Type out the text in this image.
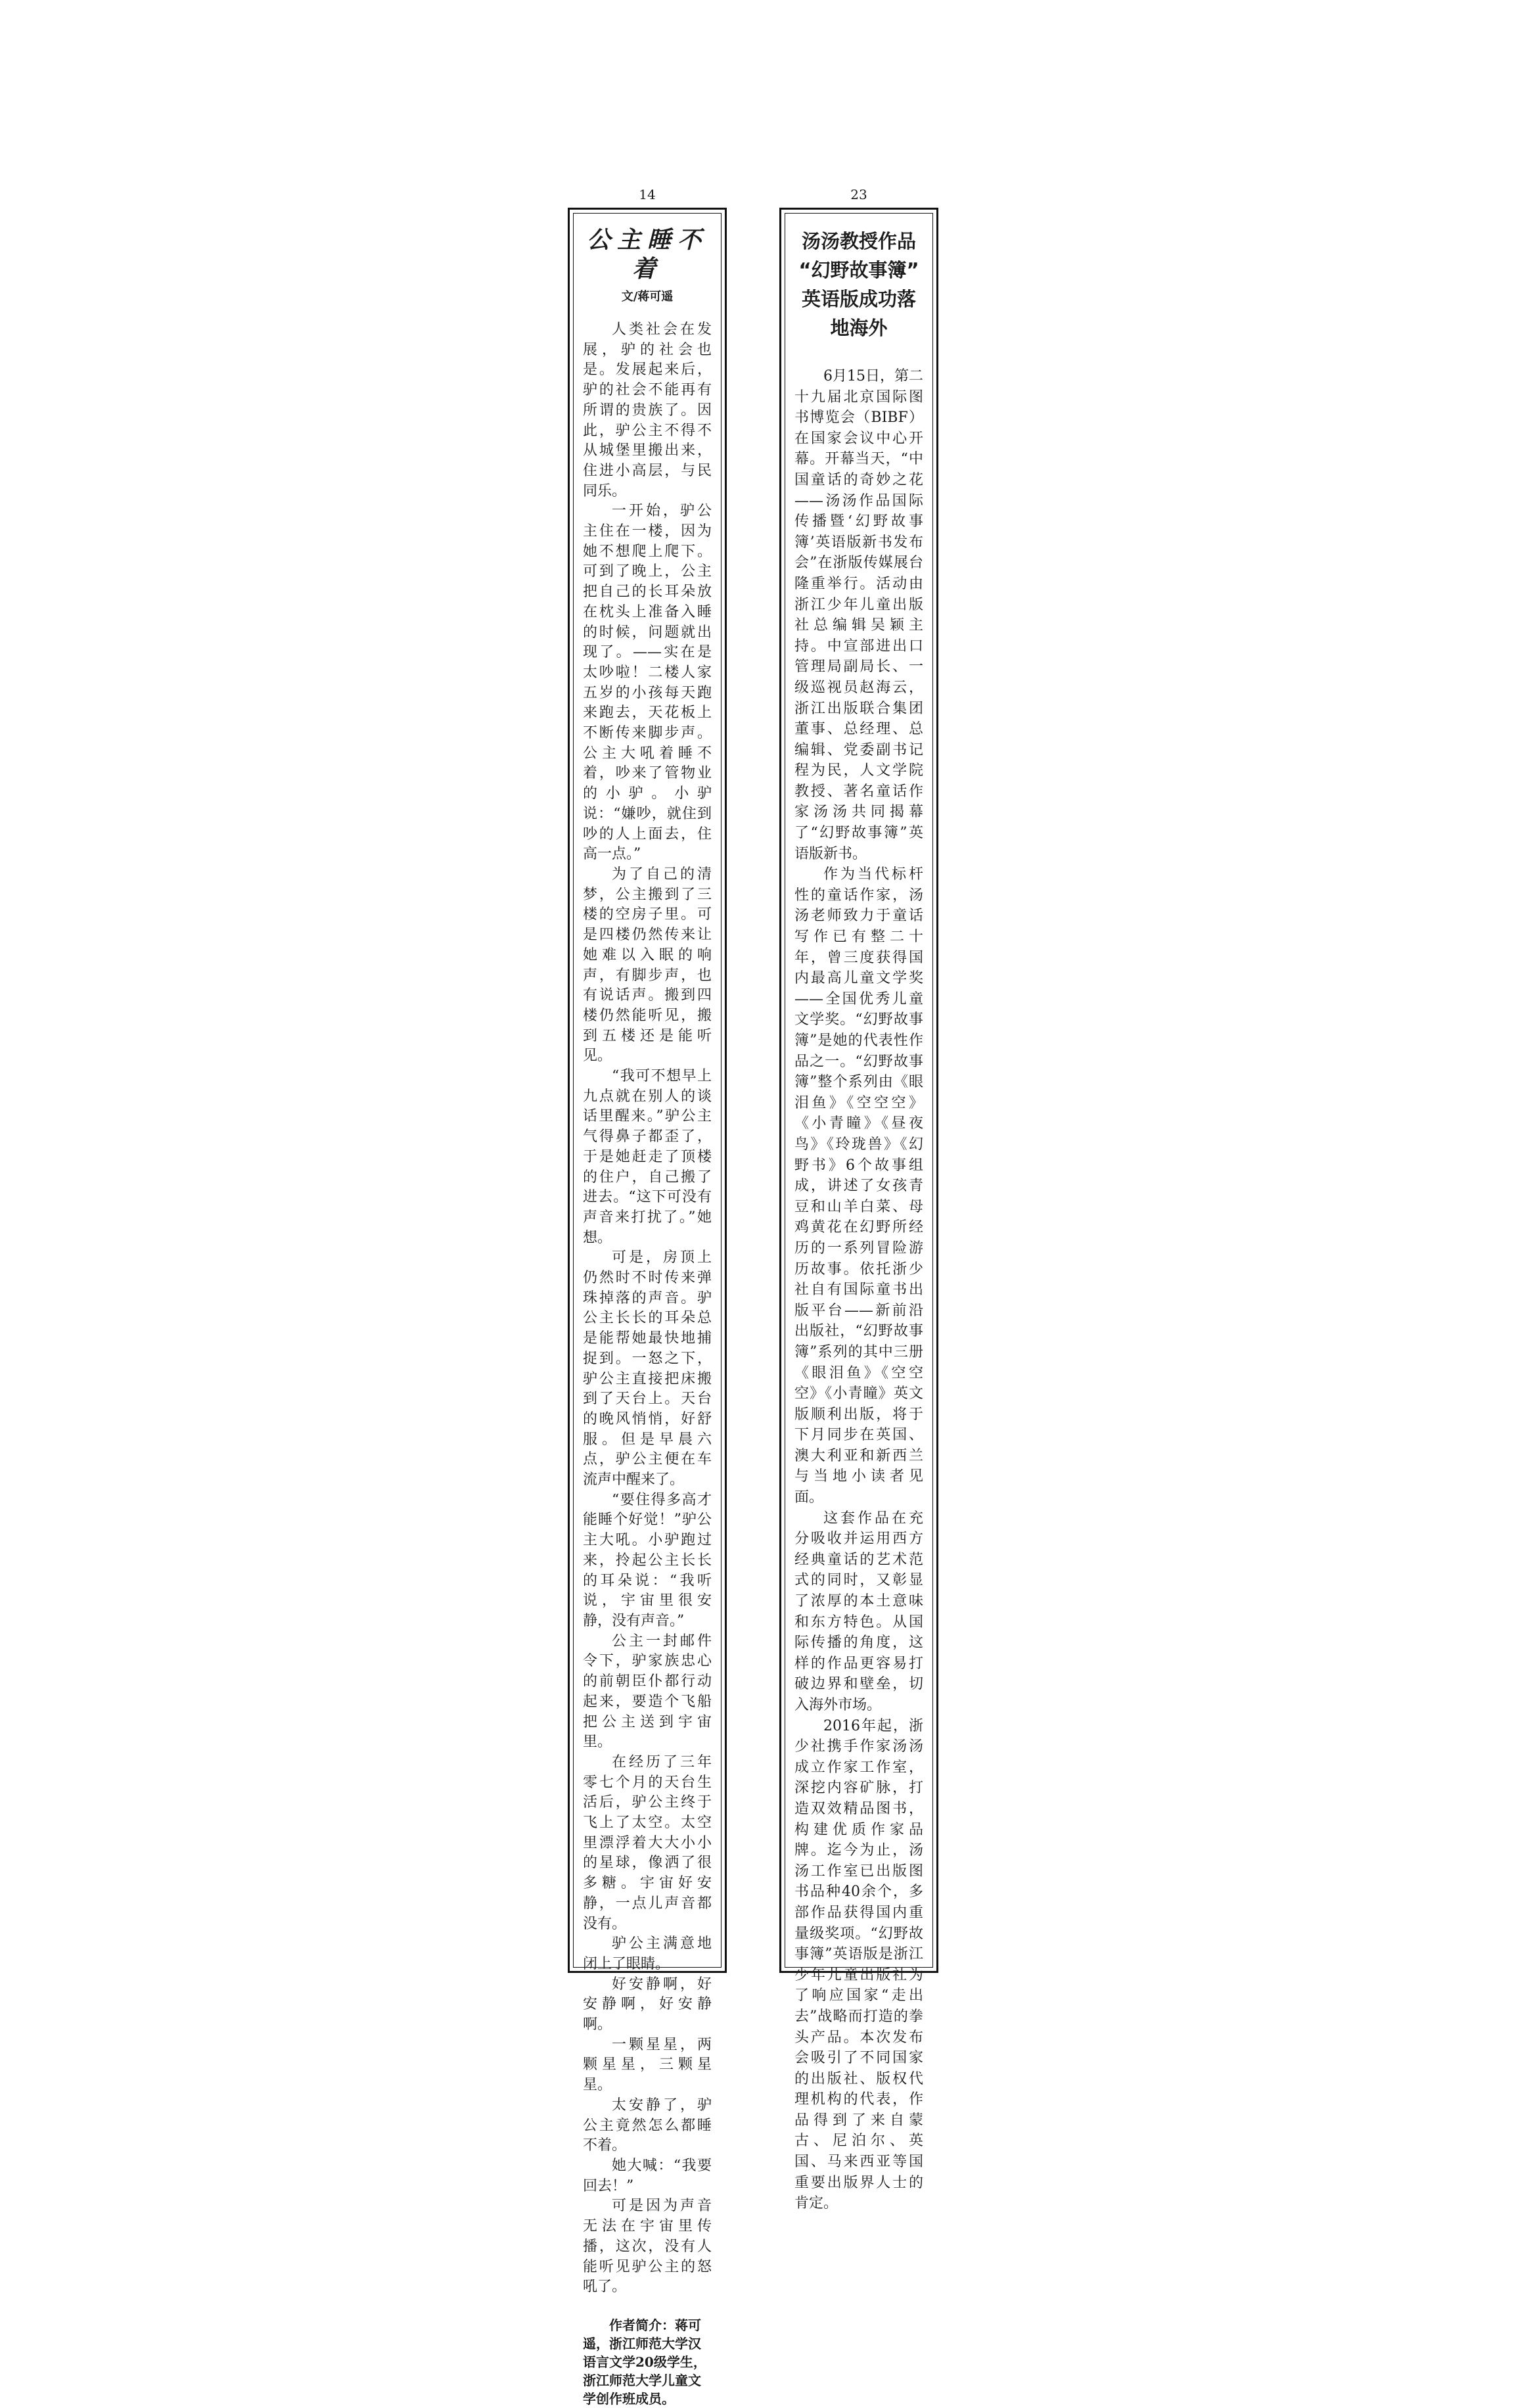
14	23
公主睡不着
文/蒋可遥

人类社会在发展，驴的社会也是。发展起来后，驴的社会不能再有所谓的贵族了。因此，驴公主不得不从城堡里搬出来，住进小高层，与民同乐。

一开始，驴公主住在一楼，因为她不想爬上爬下。可到了晚上，公主把自己的长耳朵放在枕头上准备入睡的时候，问题就出现了。——实在是太吵啦！二楼人家五岁的小孩每天跑来跑去，天花板上不断传来脚步声。公主大吼着睡不着，吵来了管物业的小驴。小驴说：“嫌吵，就住到吵的人上面去，住高一点。”

为了自己的清梦，公主搬到了三楼的空房子里。可是四楼仍然传来让她难以入眠的响声，有脚步声，也有说话声。搬到四楼仍然能听见，搬到五楼还是能听见。

“我可不想早上九点就在别人的谈话里醒来。”驴公主气得鼻子都歪了，于是她赶走了顶楼的住户，自己搬了进去。“这下可没有声音来打扰了。”她想。

可是，房顶上仍然时不时传来弹珠掉落的声音。驴公主长长的耳朵总是能帮她最快地捕捉到。一怒之下，驴公主直接把床搬到了天台上。天台的晚风悄悄，好舒服。但是早晨六点，驴公主便在车流声中醒来了。

“要住得多高才能睡个好觉！”驴公主大吼。小驴跑过来，拎起公主长长的耳朵说：“我听说，宇宙里很安静，没有声音。”

公主一封邮件令下，驴家族忠心的前朝臣仆都行动起来，要造个飞船把公主送到宇宙里。

在经历了三年零七个月的天台生活后，驴公主终于飞上了太空。太空里漂浮着大大小小的星球，像洒了很多糖。宇宙好安静，一点儿声音都没有。

驴公主满意地闭上了眼睛。

好安静啊，好安静啊，好安静啊。

一颗星星，两颗星星，三颗星星。

太安静了，驴公主竟然怎么都睡不着。

她大喊：“我要回去！”

可是因为声音无法在宇宙里传播，这次，没有人能听见驴公主的怒吼了。

作者简介：蒋可遥，浙江师范大学汉语言文学20级学生，浙江师范大学儿童文学创作班成员。
汤汤教授作品
“幻野故事簿”
英语版成功落地海外

6月15日，第二十九届北京国际图书博览会（BIBF）在国家会议中心开幕。开幕当天，“中国童话的奇妙之花——汤汤作品国际传播暨‘幻野故事簿’英语版新书发布会”在浙版传媒展台隆重举行。活动由浙江少年儿童出版社总编辑吴颖主持。中宣部进出口管理局副局长、一级巡视员赵海云，浙江出版联合集团董事、总经理、总编辑、党委副书记程为民，人文学院教授、著名童话作家汤汤共同揭幕了“幻野故事簿”英语版新书。

作为当代标杆性的童话作家，汤汤老师致力于童话写作已有整二十年，曾三度获得国内最高儿童文学奖——全国优秀儿童文学奖。“幻野故事簿”是她的代表性作品之一。“幻野故事簿”整个系列由《眼泪鱼》《空空空》《小青瞳》《昼夜鸟》《玲珑兽》《幻野书》6个故事组成，讲述了女孩青豆和山羊白菜、母鸡黄花在幻野所经历的一系列冒险游历故事。依托浙少社自有国际童书出版平台——新前沿出版社，“幻野故事簿”系列的其中三册《眼泪鱼》《空空空》《小青瞳》英文版顺利出版，将于下月同步在英国、澳大利亚和新西兰与当地小读者见面。

这套作品在充分吸收并运用西方经典童话的艺术范式的同时，又彰显了浓厚的本土意味和东方特色。从国际传播的角度，这样的作品更容易打破边界和壁垒，切入海外市场。

2016年起，浙少社携手作家汤汤成立作家工作室，深挖内容矿脉，打造双效精品图书，构建优质作家品牌。迄今为止，汤汤工作室已出版图书品种40余个，多部作品获得国内重量级奖项。“幻野故事簿”英语版是浙江少年儿童出版社为了响应国家“走出去”战略而打造的拳头产品。本次发布会吸引了不同国家的出版社、版权代理机构的代表，作品得到了来自蒙古、尼泊尔、英国、马来西亚等国重要出版界人士的肯定。
